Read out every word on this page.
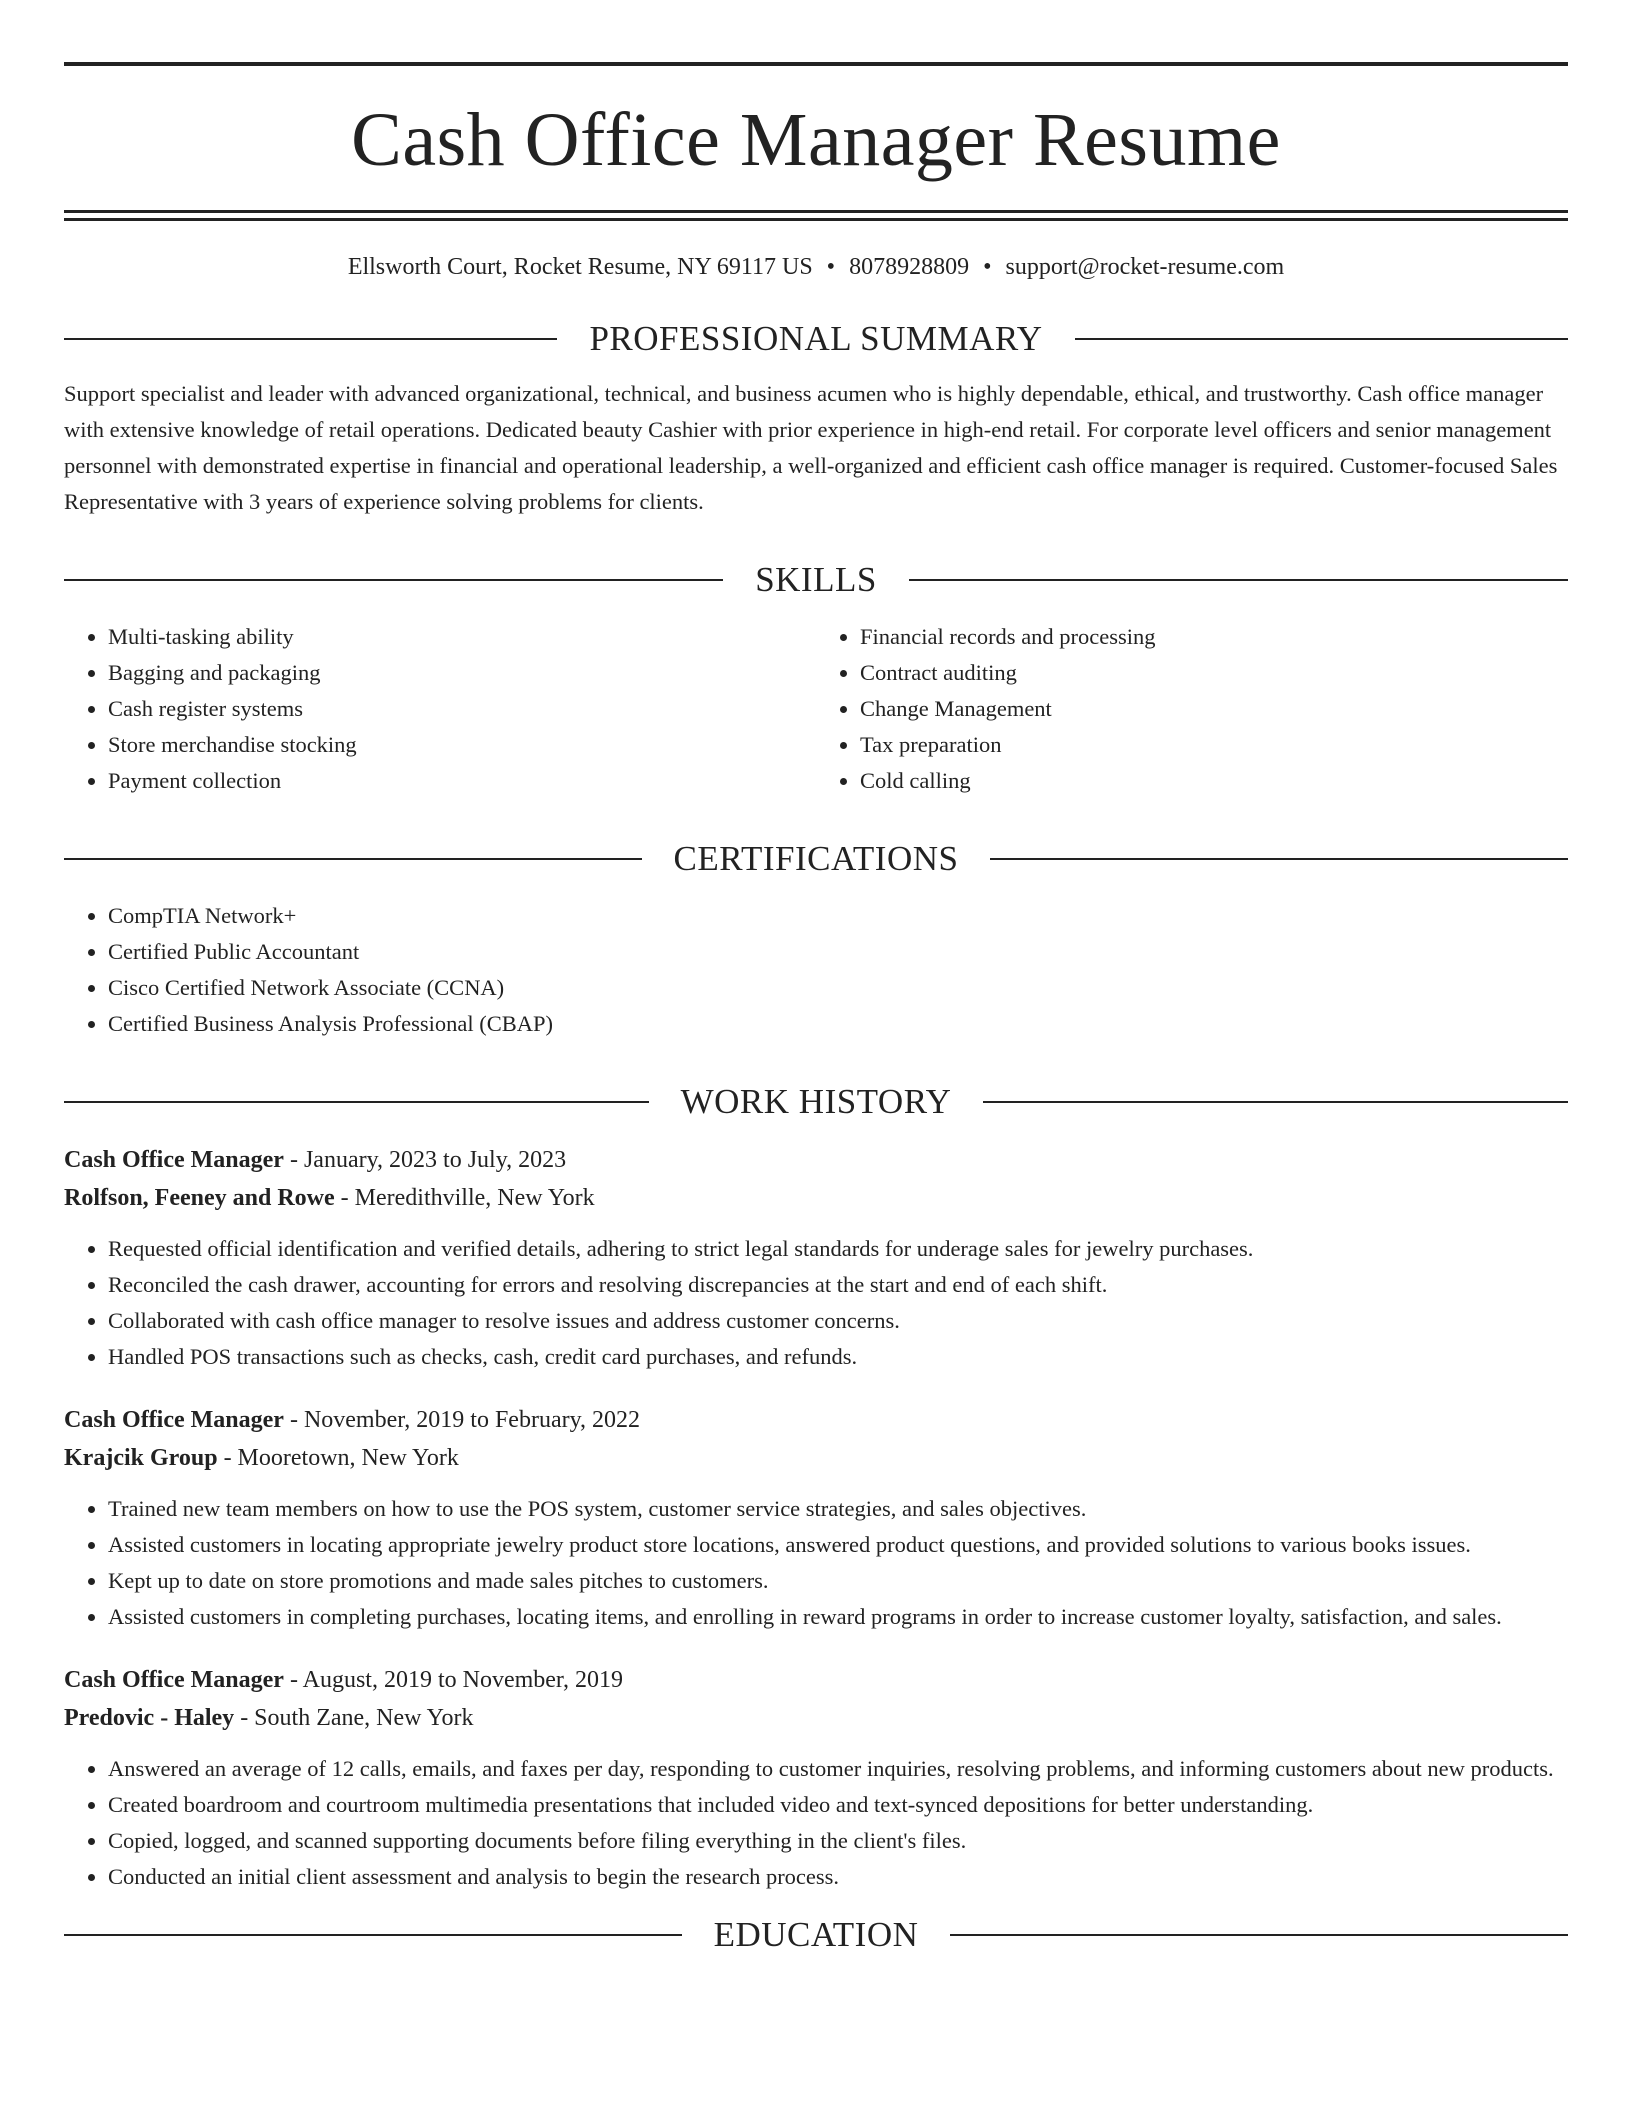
Cash Office Manager Resume
Ellsworth Court, Rocket Resume, NY 69117 US • 8078928809 • support@rocket-resume.com
PROFESSIONAL SUMMARY

Support specialist and leader with advanced organizational, technical, and business acumen who is highly dependable, ethical, and trustworthy. Cash office manager with extensive knowledge of retail operations. Dedicated beauty Cashier with prior experience in high-end retail. For corporate level officers and senior management personnel with demonstrated expertise in financial and operational leadership, a well-organized and efficient cash office manager is required. Customer-focused Sales Representative with 3 years of experience solving problems for clients.

SKILLS
• Multi-tasking ability
• Bagging and packaging
• Cash register systems
• Store merchandise stocking
• Payment collection
• Financial records and processing
• Contract auditing
• Change Management
• Tax preparation
• Cold calling
CERTIFICATIONS
• CompTIA Network+
• Certified Public Accountant
• Cisco Certified Network Associate (CCNA)
• Certified Business Analysis Professional (CBAP)
WORK HISTORY
Cash Office Manager - January, 2023 to July, 2023
Rolfson, Feeney and Rowe - Meredithville, New York
• Requested official identification and verified details, adhering to strict legal standards for underage sales for jewelry purchases.
• Reconciled the cash drawer, accounting for errors and resolving discrepancies at the start and end of each shift.
• Collaborated with cash office manager to resolve issues and address customer concerns.
• Handled POS transactions such as checks, cash, credit card purchases, and refunds.
Cash Office Manager - November, 2019 to February, 2022
Krajcik Group - Mooretown, New York
• Trained new team members on how to use the POS system, customer service strategies, and sales objectives.
• Assisted customers in locating appropriate jewelry product store locations, answered product questions, and provided solutions to various books issues.
• Kept up to date on store promotions and made sales pitches to customers.
• Assisted customers in completing purchases, locating items, and enrolling in reward programs in order to increase customer loyalty, satisfaction, and sales.
Cash Office Manager - August, 2019 to November, 2019
Predovic - Haley - South Zane, New York
• Answered an average of 12 calls, emails, and faxes per day, responding to customer inquiries, resolving problems, and informing customers about new products.
• Created boardroom and courtroom multimedia presentations that included video and text-synced depositions for better understanding.
• Copied, logged, and scanned supporting documents before filing everything in the client's files.
• Conducted an initial client assessment and analysis to begin the research process.
EDUCATION
